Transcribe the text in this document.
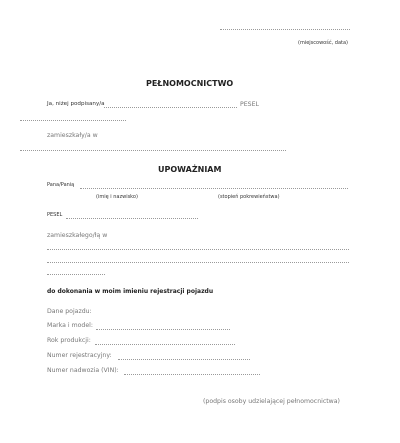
(miejscowość, data)
PEŁNOMOCNICTWO
Ja, niżej podpisany/a	PESEL
zamieszkały/a w
UPOWAŻNIAM
Pana/Panią
(imię i nazwisko)	(stopień pokrewieństwa)
PESEL
zamieszkałego/łą w
do dokonania w moim imieniu rejestracji pojazdu
Dane pojazdu:
Marka i model:
Rok produkcji:
Numer rejestracyjny:
Numer nadwozia (VIN):
(podpis osoby udzielającej pełnomocnictwa)
